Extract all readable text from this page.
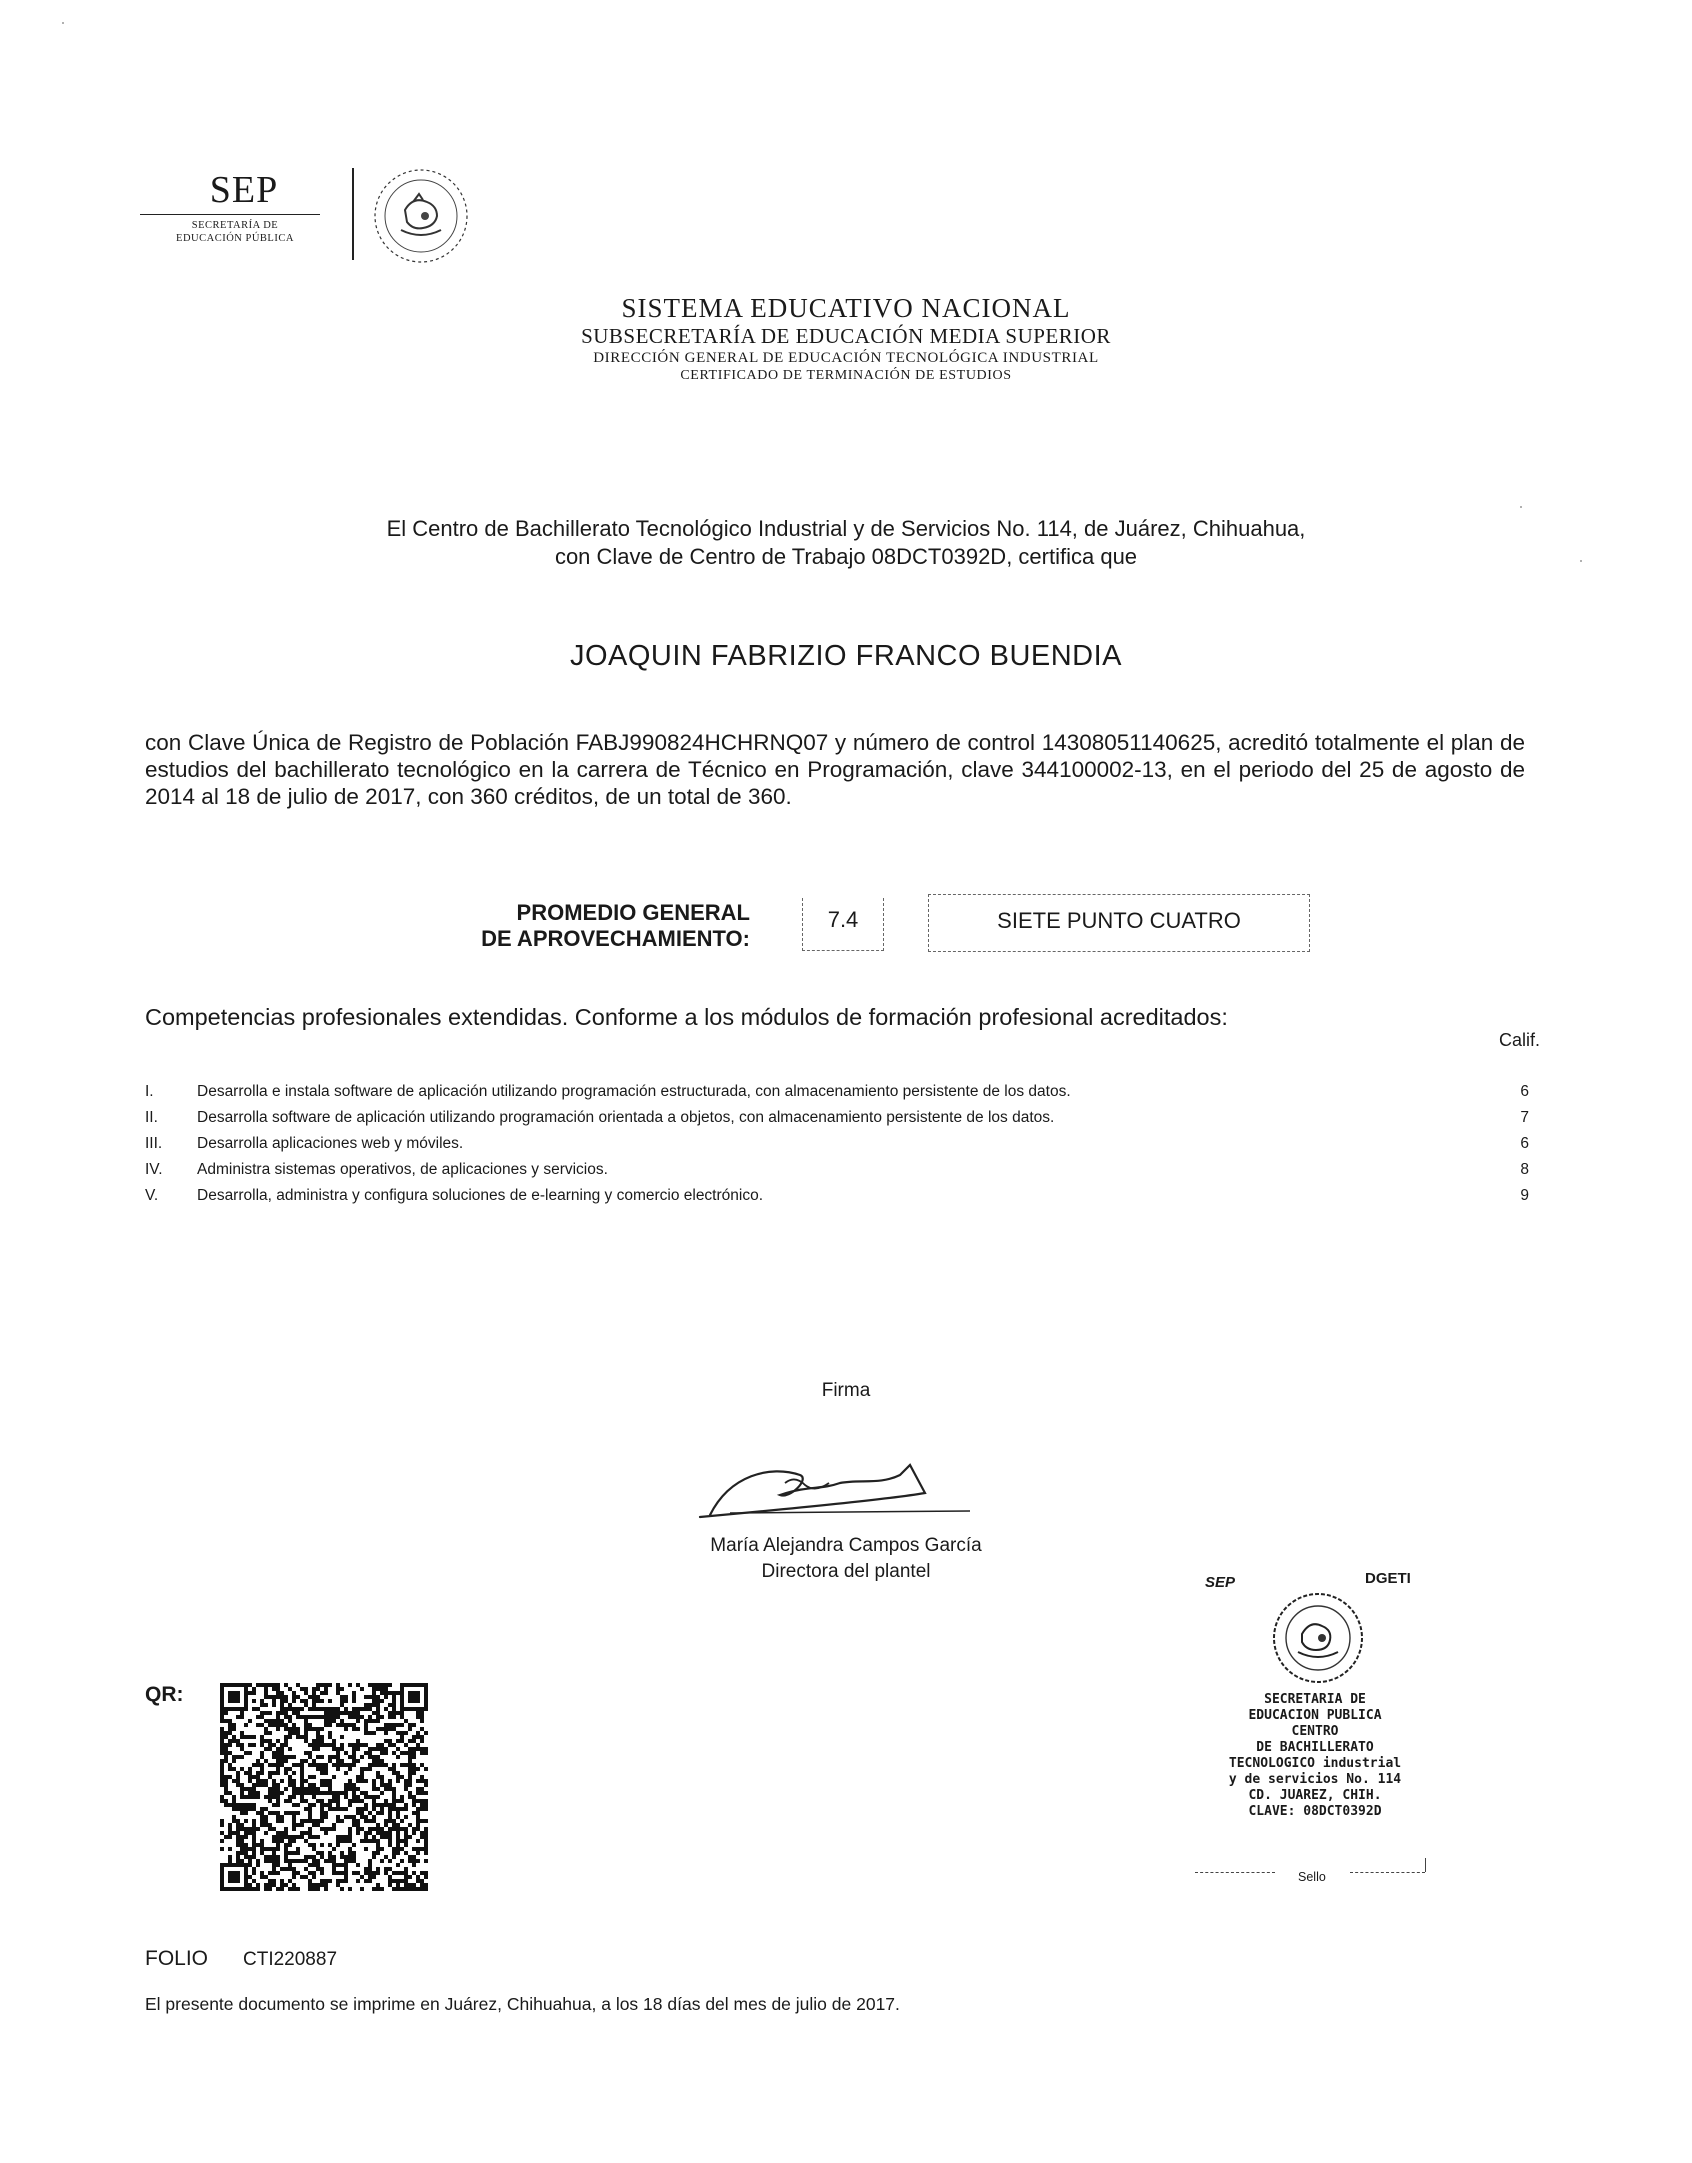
SEP
SECRETARÍA DE
EDUCACIÓN PÚBLICA
SISTEMA EDUCATIVO NACIONAL
SUBSECRETARÍA DE EDUCACIÓN MEDIA SUPERIOR
DIRECCIÓN GENERAL DE EDUCACIÓN TECNOLÓGICA INDUSTRIAL
CERTIFICADO DE TERMINACIÓN DE ESTUDIOS
El Centro de Bachillerato Tecnológico Industrial y de Servicios No. 114, de Juárez, Chihuahua,
con Clave de Centro de Trabajo 08DCT0392D, certifica que
JOAQUIN FABRIZIO FRANCO BUENDIA
con Clave Única de Registro de Población FABJ990824HCHRNQ07 y número de control 14308051140625, acreditó totalmente el plan de estudios del bachillerato tecnológico en la carrera de Técnico en Programación, clave 344100002-13, en el periodo del 25 de agosto de 2014 al 18 de julio de 2017, con 360 créditos, de un total de 360.
PROMEDIO GENERAL
DE APROVECHAMIENTO:
7.4	SIETE PUNTO CUATRO
Competencias profesionales extendidas. Conforme a los módulos de formación profesional acreditados:
Calif.
I.	Desarrolla e instala software de aplicación utilizando programación estructurada, con almacenamiento persistente de los datos.	6
II.	Desarrolla software de aplicación utilizando programación orientada a objetos, con almacenamiento persistente de los datos.	7
III. Desarrolla aplicaciones web y móviles.	6
IV. Administra sistemas operativos, de aplicaciones y servicios.	8
V.	Desarrolla, administra y configura soluciones de e-learning y comercio electrónico.	9
Firma
María Alejandra Campos García
Directora del plantel
SEP	DGETI
SECRETARIA DE
EDUCACION PUBLICA
CENTRO
DE BACHILLERATO
TECNOLOGICO industrial
y de servicios No. 114
CD. JUAREZ, CHIH.
CLAVE: 08DCT0392D
Sello
QR:
FOLIO CTI220887
El presente documento se imprime en Juárez, Chihuahua, a los 18 días del mes de julio de 2017.
